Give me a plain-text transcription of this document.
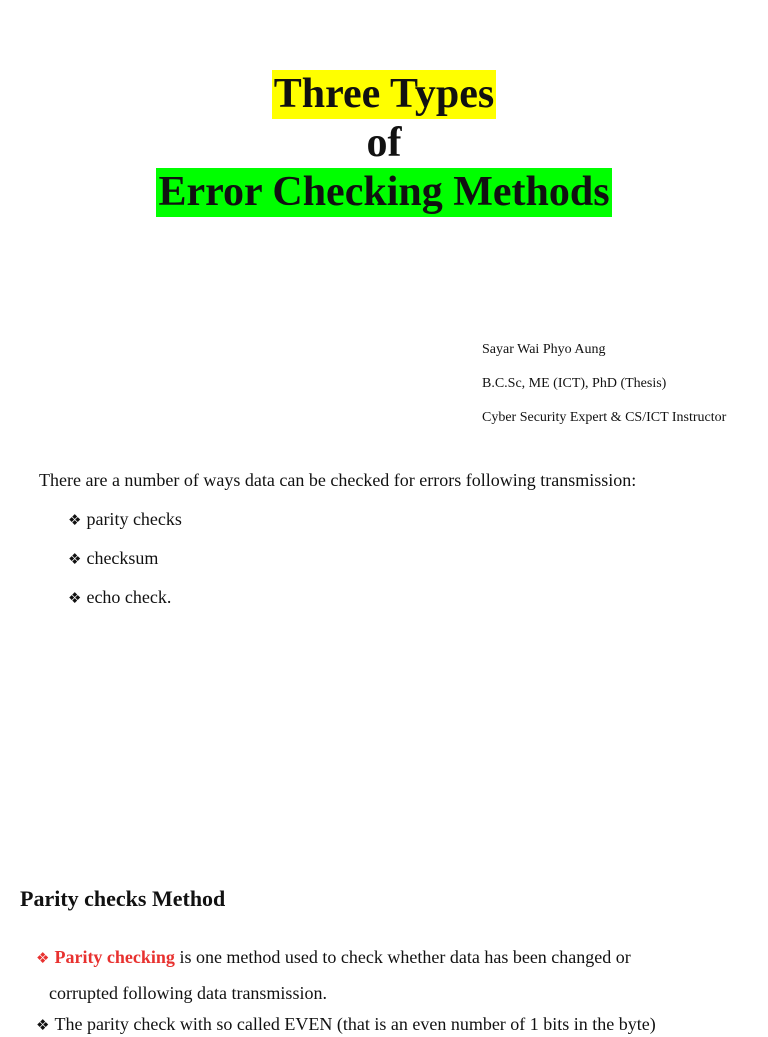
Three Types
of
Error Checking Methods
Sayar Wai Phyo Aung
B.C.Sc, ME (ICT), PhD (Thesis)
Cyber Security Expert & CS/ICT Instructor
There are a number of ways data can be checked for errors following transmission:
❖ parity checks
❖ checksum
❖ echo check.
Parity checks Method
❖ Parity checking is one method used to check whether data has been changed or
corrupted following data transmission.
❖ The parity check with so called EVEN (that is an even number of 1 bits in the byte)
